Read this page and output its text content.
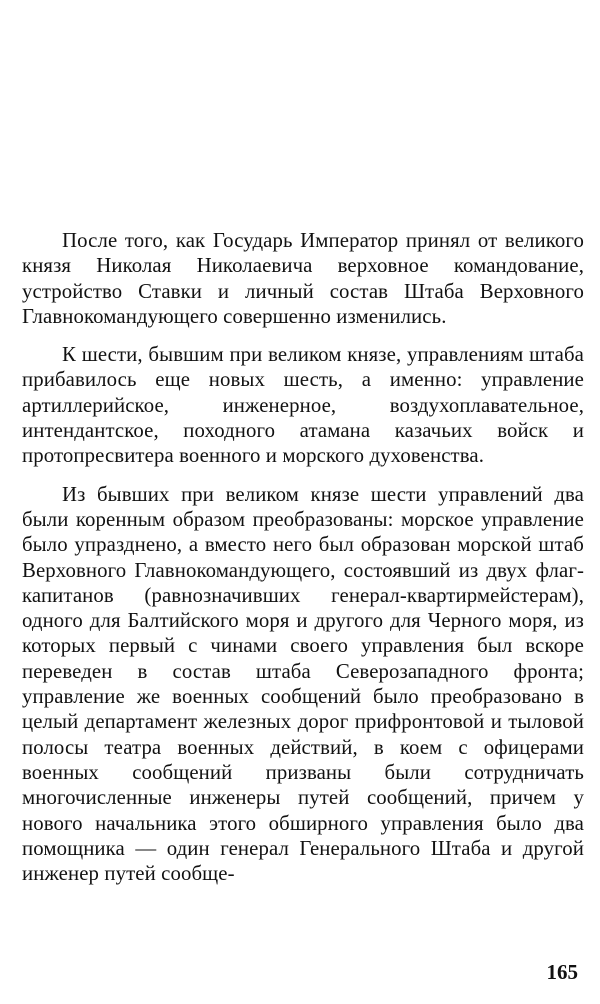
После того, как Государь Император принял от великого князя Николая Николаевича верховное командование, устройство Ставки и личный состав Штаба Верховного Главнокомандующего совершенно изменились.

К шести, бывшим при великом князе, управлениям штаба прибавилось еще новых шесть, а именно: управление артиллерийское, инженерное, воздухоплавательное, интендантское, походного атамана казачьих войск и протопресвитера военного и морского духовенства.

Из бывших при великом князе шести управлений два были коренным образом преобразованы: морское управление было упразднено, а вместо него был образован морской штаб Верховного Главнокомандующего, состоявший из двух флаг-капитанов (равнозначивших генерал-квартирмейстерам), одного для Балтийского моря и другого для Черного моря, из которых первый с чинами своего управления был вскоре переведен в состав штаба Северозападного фронта; управление же военных сообщений было преобразовано в целый департамент железных дорог прифронтовой и тыловой полосы театра военных действий, в коем с офицерами военных сообщений призваны были сотрудничать многочисленные инженеры путей сообщений, причем у нового начальника этого обширного управления было два помощника — один генерал Генерального Штаба и другой инженер путей сообще-

165
